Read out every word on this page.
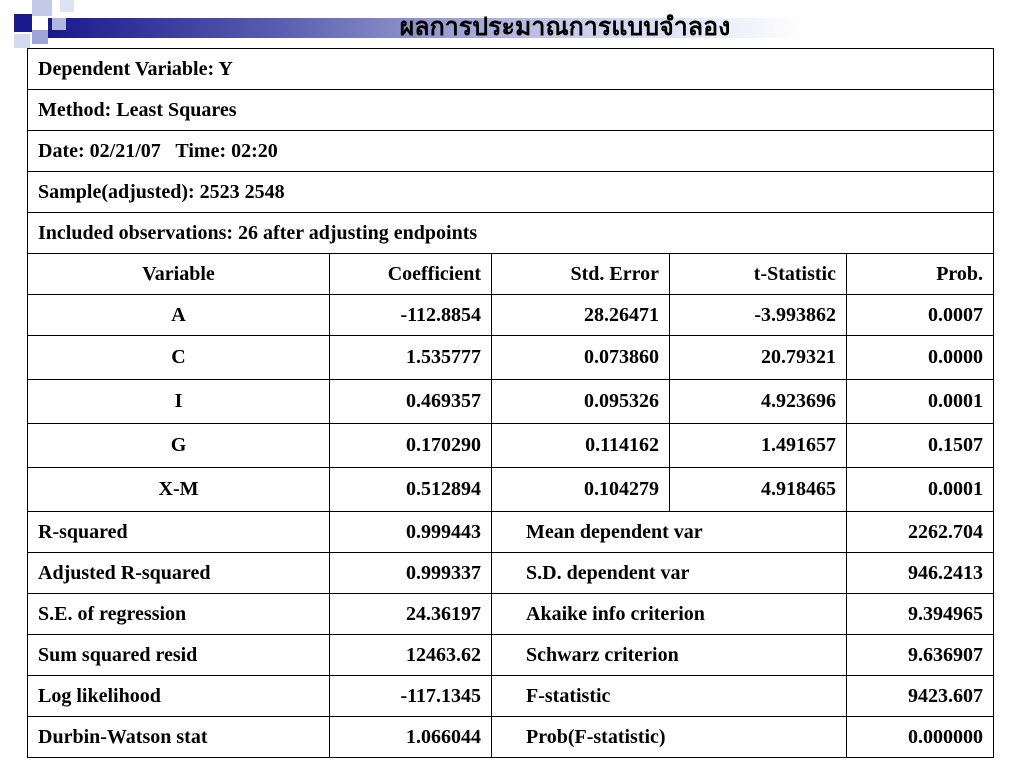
ผลการประมาณการแบบจำลอง
Dependent Variable: Y				
Method: Least Squares				
Date: 02/21/07   Time: 02:20				
Sample(adjusted): 2523 2548				
Included observations: 26 after adjusting endpoints				
Variable	Coefficient	Std. Error	t-Statistic	Prob.
A	-112.8854	28.26471	-3.993862	0.0007
C	1.535777	0.073860	20.79321	0.0000
I	0.469357	0.095326	4.923696	0.0001
G	0.170290	0.114162	1.491657	0.1507
X-M	0.512894	0.104279	4.918465	0.0001
R-squared	0.999443	Mean dependent var		2262.704
Adjusted R-squared	0.999337	S.D. dependent var		946.2413
S.E. of regression	24.36197	Akaike info criterion		9.394965
Sum squared resid	12463.62	Schwarz criterion		9.636907
Log likelihood	-117.1345	F-statistic		9423.607
Durbin-Watson stat	1.066044	Prob(F-statistic)		0.000000
